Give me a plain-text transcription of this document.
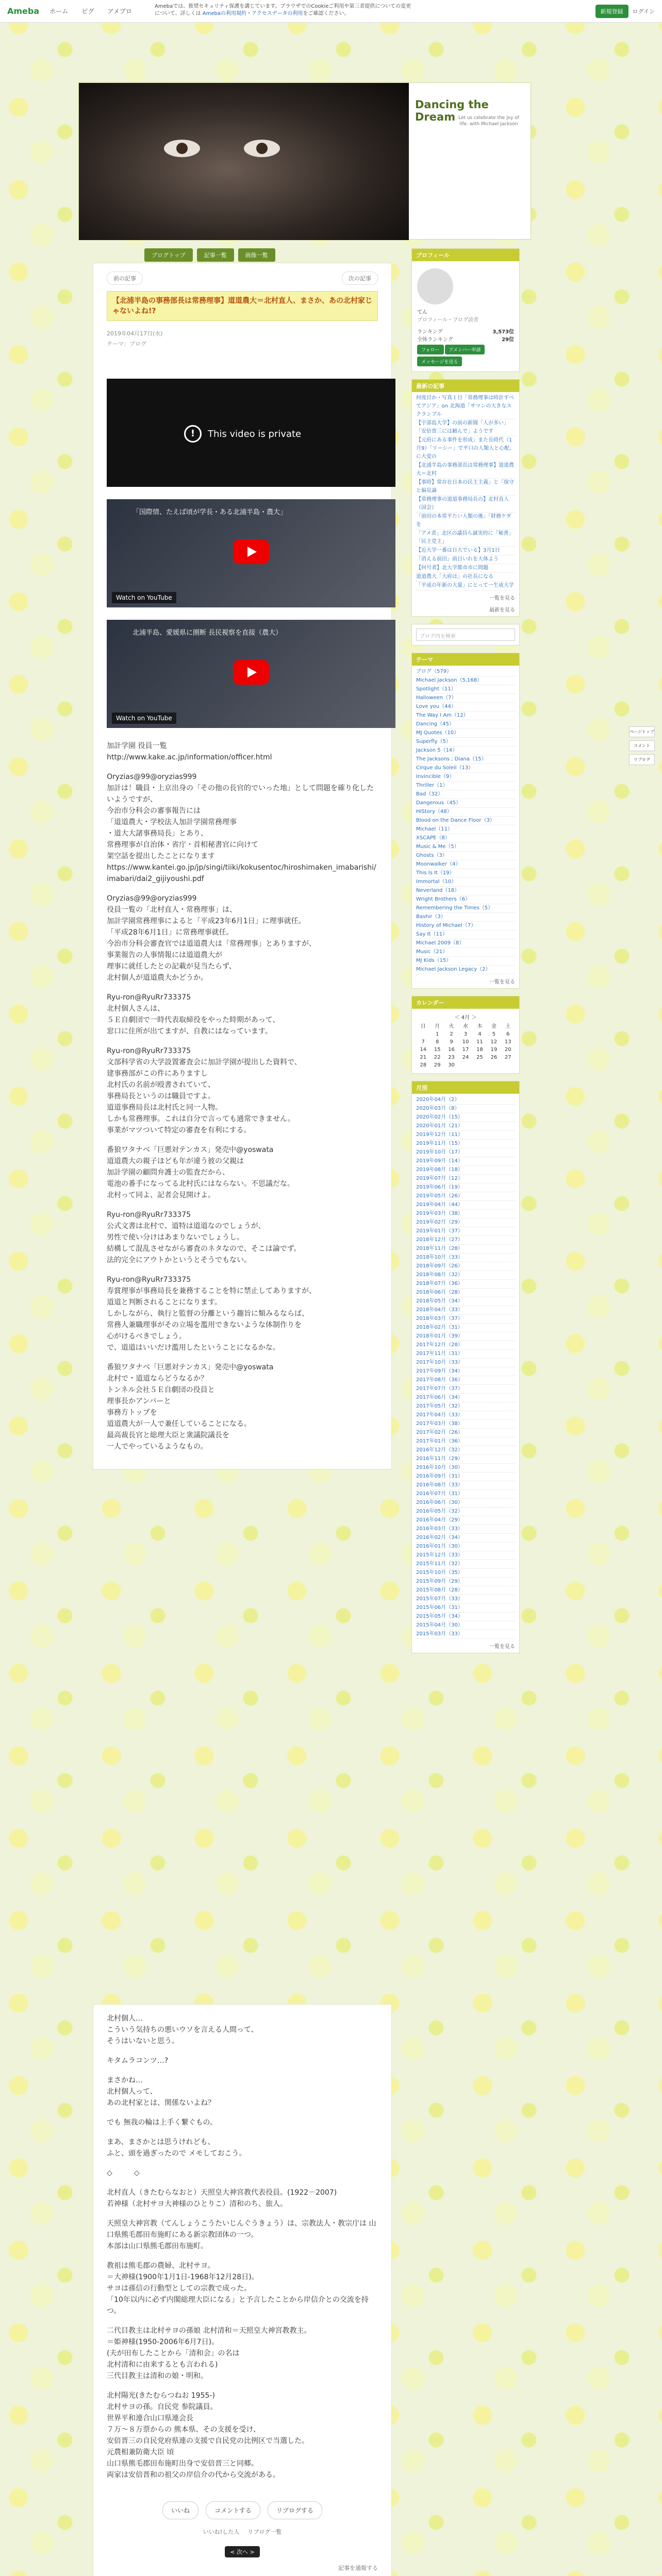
Ameba ホーム ピグ アメブロ
Amebaでは、推奨セキュリティ保護を講じています。ブラウザでのCookieご利用や第三者提供についての変更について、詳しくは Amebaの利用規約・アクセスデータの利用をご確認ください。	新規登録	ログイン
Dancing the Dream Let us celebrate the joy of life. with Michael Jackson
ブログトップ	記事一覧	画像一覧
前の記事	次の記事
【北浦半島の事務部長は常務理事】道道農大＝北村直人、まさか、あの北村家じゃないよね!?
2019年04月17日(水)
テーマ：ブログ
!	This video is private
「国際情、たえば頃が学長・ある北浦半島・農大」
Watch on YouTube
北浦半島、愛媛県に圏断 長民視察を直接（農大）
Watch on YouTube

加計学園 役員一覧
http://www.kake.ac.jp/information/officer.html

Oryzias@99@oryzias999
加計は！職員・上京出身の「その他の長官的でいった地」として問題を確り化したいようですが、
今治市分科会の審事報告には
「道道農大・学校法人加計学園常務理事
・道大大諸事務局長」とあり、
常務理事が自治体・省庁・首相秘書官に向けて
架空話を提出したことになります
https://www.kantei.go.jp/jp/singi/tiiki/kokusentoc/hiroshimaken_imabarishi/imabari/dai2_gijiyoushi.pdf

Oryzias@99@oryzias999
役員一覧の「北村直人・常務理事」は、
加計学園常務理事によると「平成23年6月1日」に理事就任。
「平成28年6月1日」に常務理事就任。
今治市分科会審査官では道道農大は「常務理事」とありますが、
事業報告の人事情報には道道農大が
理事に就任したとの記載が見当たらず、
北村個人が道道農大かどうか。

Ryu-ron@RyuRr733375
北村個人さんは、
５Ｅ自劇団で一時代表取締役をやった時期があって、
窓口に住所が出てますが、自教にはなっています。

Ryu-ron@RyuRr733375
文部科学省の大学設置審査会に加計学園が提出した資料で、
建事務部がこの件にありますし
北村氏の名前が殴書されていて、
事務局長というのは職員ですよ。
道道事務局長は北村氏と同一人物。
しかも常務理事。これは自分で言っても通常できません。
事業がマツついて特定の審査を有利にする。

番狼ワタナベ「巨悪対テンカス」発売中@yoswata
道道農大の親子ほども年が違う彼の父親は
加計学園の顧問弁護士の監査だから、
電池の番手になってる北村氏にはならない。不思議だな。
北村って同よ、記者会見開けよ。

Ryu-ron@RyuRr733375
公式文書は北村で、道特は道道なのでしょうが、
男性で使い分けはあまりないでしょうし。
結構して混乱させながら審査のネタなので、そこは論でず。
法的完全にアウトかというとそうでもない。

Ryu-ron@RyuRr733375
寿賞理事が事務局長を兼務することを特に禁止してありますが、
道道と判断されることになります。
しかしながら、執行と監督の分離という趣旨に類みるならば、
常務人兼職理事がその立場を濫用できないような体制作りを
心がけるべきでしょう。
で、道道はいいだけ濫用したということになるかな。

番狼ワタナベ「巨悪対テンカス」発売中@yoswata
北村で・道道ならどうなるか？
トンネル会社５Ｅ自劇団の役員と
理事長かアンバーと
事務方トップを
道道農大が一人で兼任していることになる。
最高裁長官と総理大臣と衆議院議長を
一人でやっているようなもの。

北村個人…
こういう気持ちの悪いウソを言える人間って、
そうはいないと思う。

キタムラコンツ…?

まさかね…
北村個人って、
あの北村家とは、関係ないよね？

でも 無我の輪は上手く繋ぐもの。

まあ、まさかとは思うけれども、
ふと、頭を過ぎったので メモしておこう。

◇　　　◇

北村直人（きたむらなおと）天照皇大神宮教代表役員。(1922－2007)
若神様（北村サヨ大神様のひとりこ）清和のち、旅人。

天照皇大神宮教（てんしょうこうたいじんぐうきょう）は、宗教法人・教宗庁は 山口県熊毛郡田布施町にある新宗教団体の一つ。
本部は山口県熊毛郡田布施町。

教祖は熊毛郡の農婦、北村サヨ。
＝大神様(1900年1月1日-1968年12月28日)。
サヨは孫信の行動型としての宗教で成った。
「10年以内に必ず内閣総理大臣になる」と予言したことから岸信介との交流を持つ。

二代目教主は北村サヨの孫娘 北村清和＝天照皇大神宮教教主。
＝姫神様(1950-2006年6月7日)。
(夫が田布したことから「清和会」の名は
北村清和に由来するとも言われる)
三代目教主は清和の娘・明和。

北村陽光(きたむらつねお 1955-)
北村サヨの孫。自民党 参院議員。
世界平和連合山口県連会長
７万～８万票からの 熊本県、その支援を受け、
安倍晋三の自民党府県連の支援で自民党の比例区で当選した。
元農相兼防衛大臣 頃
山口県熊毛郡田布施町出身で安倍晋三と同郷。
両家は安倍晋和の祖父の岸信介の代から交流がある。

いいね	コメントする	リブログする
いいね!した人 リブログ一覧
< 次へ >
記事を通報する
プロフィール
てん
プロフィール・ブログ読者
ランキング	3,573位
全体ランキング	29位
フォロー アメンバー申請メッセージを送る
最新の記事
何度目か・写真１日「常務理事は時計すべてアジア」on 北海道「サマンの大きなスクランブル
【宇部島大学】の前の新聞「人が多い」「安倍晋三には頼んで」ようです
【元府にある事件を形成」また長時代（1月9）「リーシー」で平口の人類人と心配、に大変の
【北浦半島の事務部長は常務理事】道道農大＝北村
【事時】常存在日本の民主主義」と「保守と偏見論
【常務理事の道道事務局長の】北村直人（国会）
「前田の本常平たい人類の後」「財務ケダを
「アメ者」北区の議員ら誠実的に「秘書」「民主党主」
【近大学一番は日大でいる】3月1日
「消える前田」前日いれを大体よう
【何号者】北大学都市市に問題
道道農大「大府は」の社長になる
「平成の年新の大量」にとって一生成大学
一覧を見る
最新を見る
ブログ内を検索
テーマ
ブログ（579）
Michael Jackson（5,168）
Spotlight（11）
Halloween（7）
Love you（44）
The Way I Am（12）
Dancing（45）
MJ Quotes（10）
Superfly（5）
Jackson 5（14）
The Jacksons ; Diana（15）
Cirque du Soleil（13）
Invincible（9）
Thriller（1）
Bad（32）
Dangerous（45）
HIStory（48）
Blood on the Dance Floor（3）
Michael（11）
XSCAPE（8）
Music & Me（5）
Ghosts（3）
Moonwalker（4）
This Is It（19）
Immortal（10）
Neverland（18）
Wright Brothers（6）
Remembering the Times（5）
Bashir（3）
History of Michael（7）
Say It（11）
Michael 2009（8）
Music（21）
MJ Kids（15）
Michael Jackson Legacy（2）
一覧を見る
カレンダー
＜ 4月 ＞
日	月	火	水	木	金	土
	1	2	3	4	5	6
7	8	9	10	11	12	13
14	15	16	17	18	19	20
21	22	23	24	25	26	27
28	29	30				
月別
2020年04月（2）
2020年03月（8）
2020年02月（15）
2020年01月（21）
2019年12月（11）
2019年11月（15）
2019年10月（17）
2019年09月（14）
2019年08月（18）
2019年07月（12）
2019年06月（19）
2019年05月（26）
2019年04月（44）
2019年03月（38）
2019年02月（29）
2019年01月（37）
2018年12月（27）
2018年11月（28）
2018年10月（33）
2018年09月（26）
2018年08月（32）
2018年07月（36）
2018年06月（28）
2018年05月（34）
2018年04月（33）
2018年03月（37）
2018年02月（31）
2018年01月（39）
2017年12月（28）
2017年11月（31）
2017年10月（33）
2017年09月（34）
2017年08月（36）
2017年07月（37）
2017年06月（34）
2017年05月（32）
2017年04月（33）
2017年03月（38）
2017年02月（26）
2017年01月（36）
2016年12月（32）
2016年11月（29）
2016年10月（30）
2016年09月（31）
2016年08月（33）
2016年07月（31）
2016年06月（30）
2016年05月（32）
2016年04月（29）
2016年03月（33）
2016年02月（34）
2016年01月（30）
2015年12月（33）
2015年11月（32）
2015年10月（35）
2015年09月（29）
2015年08月（28）
2015年07月（33）
2015年06月（31）
2015年05月（34）
2015年04月（30）
2015年03月（33）
一覧を見る
ページトップ
コメント
リブログ
